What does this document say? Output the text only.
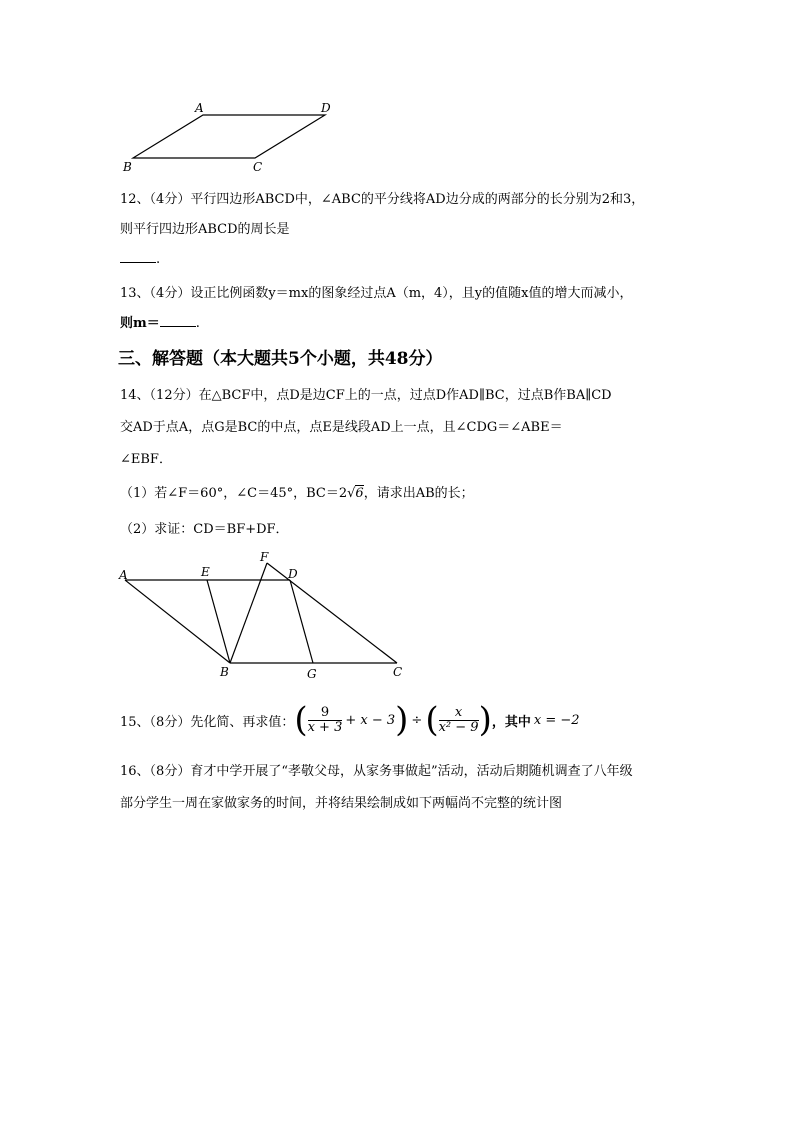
A	D
B	C
12、（4分）平行四边形ABCD中，∠ABC的平分线将AD边分成的两部分的长分别为2和3，
则平行四边形ABCD的周长是
.
13、（4分）设正比例函数y＝mx的图象经过点A（m，4），且y的值随x值的增大而减小，
则m＝	.
三、解答题（本大题共5个小题，共48分）
14、（12分）在△BCF中，点D是边CF上的一点，过点D作AD∥BC，过点B作BA∥CD
交AD于点A，点G是BC的中点，点E是线段AD上一点，且∠CDG＝∠ABE＝
∠EBF．
（1）若∠F＝60°，∠C＝45°，BC＝2√6，请求出AB的长；
（2）求证：CD＝BF+DF．
A	E
F
D
B	G	C
15、（8分）先化简、再求值： ( $\frac{9}{x + 3} + x - 3$ ) ÷ ( $\frac{x}{\text{x² − 9}}$ ) ，其中 x = −2
16、（8分）育才中学开展了“孝敬父母，从家务事做起”活动，活动后期随机调查了八年级
部分学生一周在家做家务的时间，并将结果绘制成如下两幅尚不完整的统计图
